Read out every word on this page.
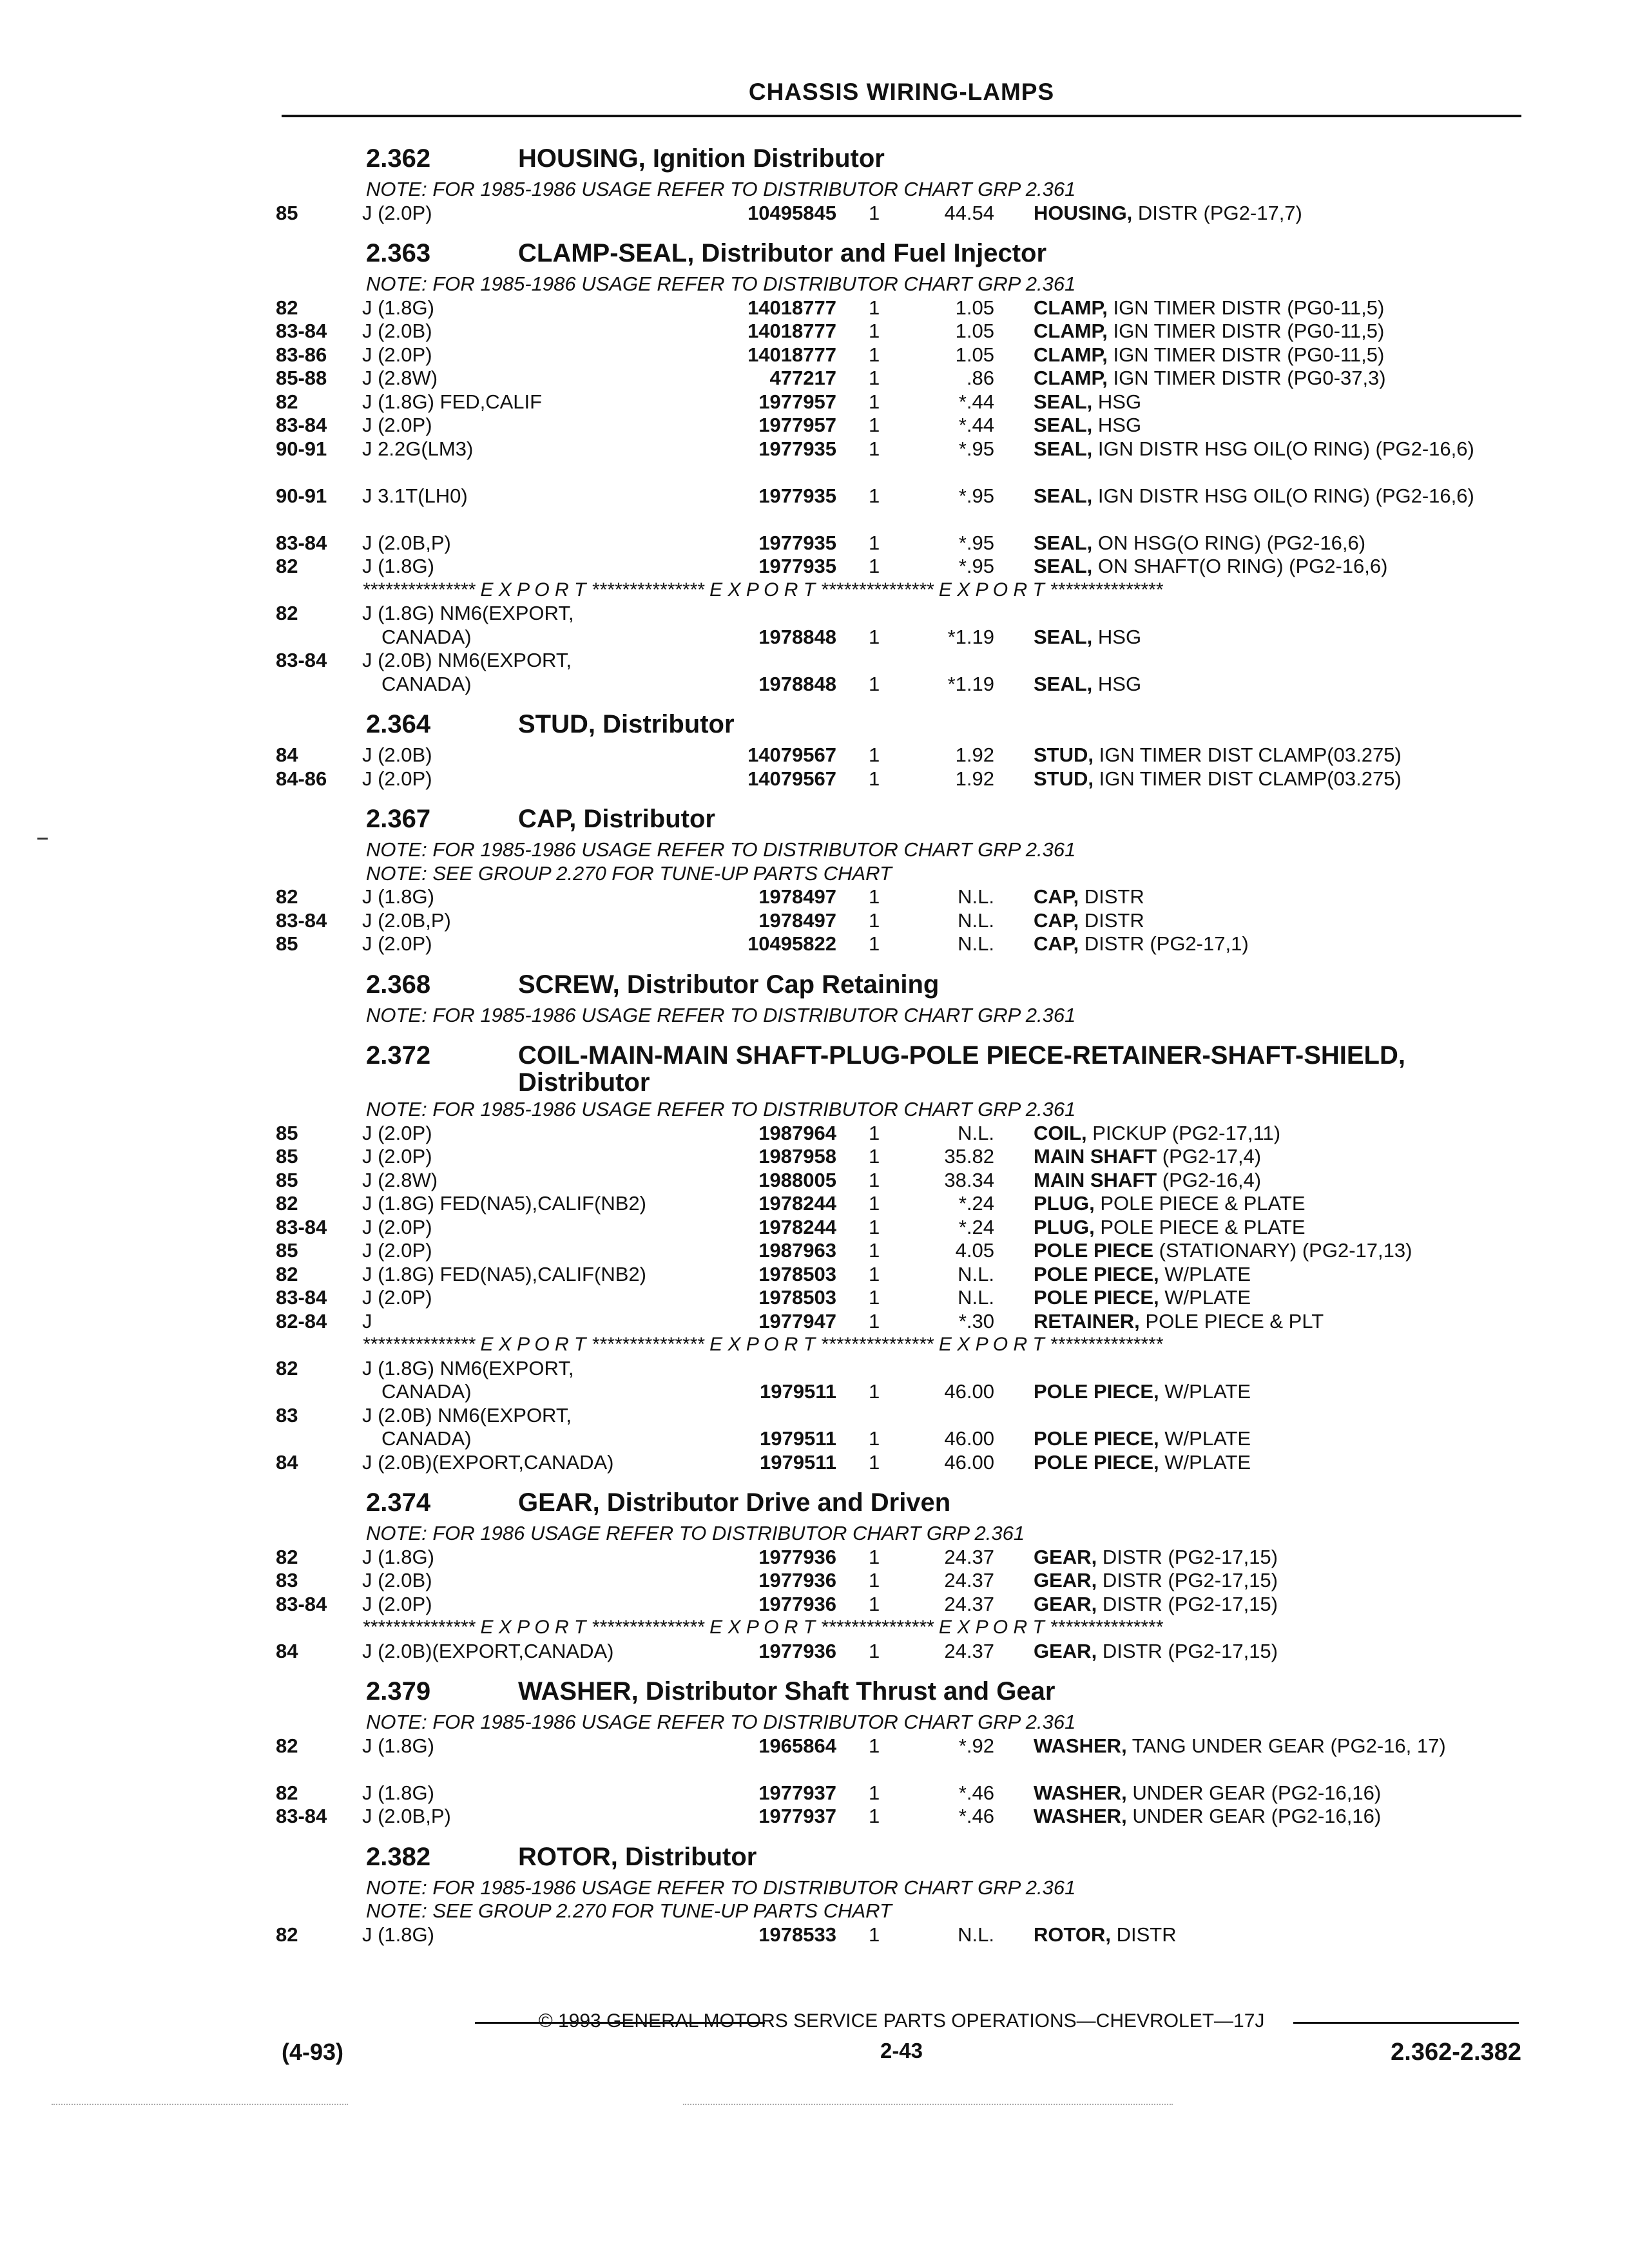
CHASSIS WIRING-LAMPS
2.362	HOUSING, Ignition Distributor
NOTE: FOR 1985-1986 USAGE REFER TO DISTRIBUTOR CHART GRP 2.361
85	J (2.0P)	10495845 1	44.54 HOUSING, DISTR (PG2-17,7)
2.363	CLAMP-SEAL, Distributor and Fuel Injector
NOTE: FOR 1985-1986 USAGE REFER TO DISTRIBUTOR CHART GRP 2.361
82	J (1.8G)	14018777 1	1.05 CLAMP, IGN TIMER DISTR (PG0-11,5)
83-84 J (2.0B)	14018777 1	1.05 CLAMP, IGN TIMER DISTR (PG0-11,5)
83-86 J (2.0P)	14018777 1	1.05 CLAMP, IGN TIMER DISTR (PG0-11,5)
85-88 J (2.8W)	477217 1	.86 CLAMP, IGN TIMER DISTR (PG0-37,3)
82	J (1.8G) FED,CALIF	1977957 1	*.44 SEAL, HSG
83-84 J (2.0P)	1977957 1	*.44 SEAL, HSG
90-91 J 2.2G(LM3)	1977935 1	*.95 SEAL, IGN DISTR HSG OIL(O RING) (PG2-16,6)
90-91 J 3.1T(LH0)	1977935 1	*.95 SEAL, IGN DISTR HSG OIL(O RING) (PG2-16,6)
83-84 J (2.0B,P)	1977935 1	*.95 SEAL, ON HSG(O RING) (PG2-16,6)
82	J (1.8G)	1977935 1	*.95 SEAL, ON SHAFT(O RING) (PG2-16,6)
*************** E X P O R T *************** E X P O R T *************** E X P O R T ***************
82	J (1.8G) NM6(EXPORT,
CANADA)	1978848 1	*1.19 SEAL, HSG
83-84 J (2.0B) NM6(EXPORT,
CANADA)	1978848 1	*1.19 SEAL, HSG
2.364	STUD, Distributor
84	J (2.0B)	14079567 1	1.92 STUD, IGN TIMER DIST CLAMP(03.275)
84-86 J (2.0P)	14079567 1	1.92 STUD, IGN TIMER DIST CLAMP(03.275)
2.367	CAP, Distributor
NOTE: FOR 1985-1986 USAGE REFER TO DISTRIBUTOR CHART GRP 2.361
NOTE: SEE GROUP 2.270 FOR TUNE-UP PARTS CHART
82	J (1.8G)	1978497 1	N.L. CAP, DISTR
83-84 J (2.0B,P)	1978497 1	N.L. CAP, DISTR
85	J (2.0P)	10495822 1	N.L. CAP, DISTR (PG2-17,1)
2.368	SCREW, Distributor Cap Retaining
NOTE: FOR 1985-1986 USAGE REFER TO DISTRIBUTOR CHART GRP 2.361
2.372	COIL-MAIN-MAIN SHAFT-PLUG-POLE PIECE-RETAINER-SHAFT-SHIELD, Distributor
NOTE: FOR 1985-1986 USAGE REFER TO DISTRIBUTOR CHART GRP 2.361
85	J (2.0P)	1987964 1	N.L. COIL, PICKUP (PG2-17,11)
85	J (2.0P)	1987958 1	35.82 MAIN SHAFT (PG2-17,4)
85	J (2.8W)	1988005 1	38.34 MAIN SHAFT (PG2-16,4)
82	J (1.8G) FED(NA5),CALIF(NB2)	1978244 1	*.24 PLUG, POLE PIECE & PLATE
83-84 J (2.0P)	1978244 1	*.24 PLUG, POLE PIECE & PLATE
85	J (2.0P)	1987963 1	4.05 POLE PIECE (STATIONARY) (PG2-17,13)
82	J (1.8G) FED(NA5),CALIF(NB2)	1978503 1	N.L. POLE PIECE, W/PLATE
83-84 J (2.0P)	1978503 1	N.L. POLE PIECE, W/PLATE
82-84 J	1977947 1	*.30 RETAINER, POLE PIECE & PLT
*************** E X P O R T *************** E X P O R T *************** E X P O R T ***************
82	J (1.8G) NM6(EXPORT,
CANADA)	1979511 1	46.00 POLE PIECE, W/PLATE
83	J (2.0B) NM6(EXPORT,
CANADA)	1979511 1	46.00 POLE PIECE, W/PLATE
84	J (2.0B)(EXPORT,CANADA)	1979511 1	46.00 POLE PIECE, W/PLATE
2.374	GEAR, Distributor Drive and Driven
NOTE: FOR 1986 USAGE REFER TO DISTRIBUTOR CHART GRP 2.361
82	J (1.8G)	1977936 1	24.37 GEAR, DISTR (PG2-17,15)
83	J (2.0B)	1977936 1	24.37 GEAR, DISTR (PG2-17,15)
83-84 J (2.0P)	1977936 1	24.37 GEAR, DISTR (PG2-17,15)
*************** E X P O R T *************** E X P O R T *************** E X P O R T ***************
84	J (2.0B)(EXPORT,CANADA)	1977936 1	24.37 GEAR, DISTR (PG2-17,15)
2.379	WASHER, Distributor Shaft Thrust and Gear
NOTE: FOR 1985-1986 USAGE REFER TO DISTRIBUTOR CHART GRP 2.361
82	J (1.8G)	1965864 1	*.92 WASHER, TANG UNDER GEAR (PG2-16, 17)
82	J (1.8G)	1977937 1	*.46 WASHER, UNDER GEAR (PG2-16,16)
83-84 J (2.0B,P)	1977937 1	*.46 WASHER, UNDER GEAR (PG2-16,16)
2.382	ROTOR, Distributor
NOTE: FOR 1985-1986 USAGE REFER TO DISTRIBUTOR CHART GRP 2.361
NOTE: SEE GROUP 2.270 FOR TUNE-UP PARTS CHART
82	J (1.8G)	1978533 1	N.L. ROTOR, DISTR
© 1993 GENERAL MOTORS SERVICE PARTS OPERATIONS—CHEVROLET—17J
(4-93)	2-43	2.362-2.382
